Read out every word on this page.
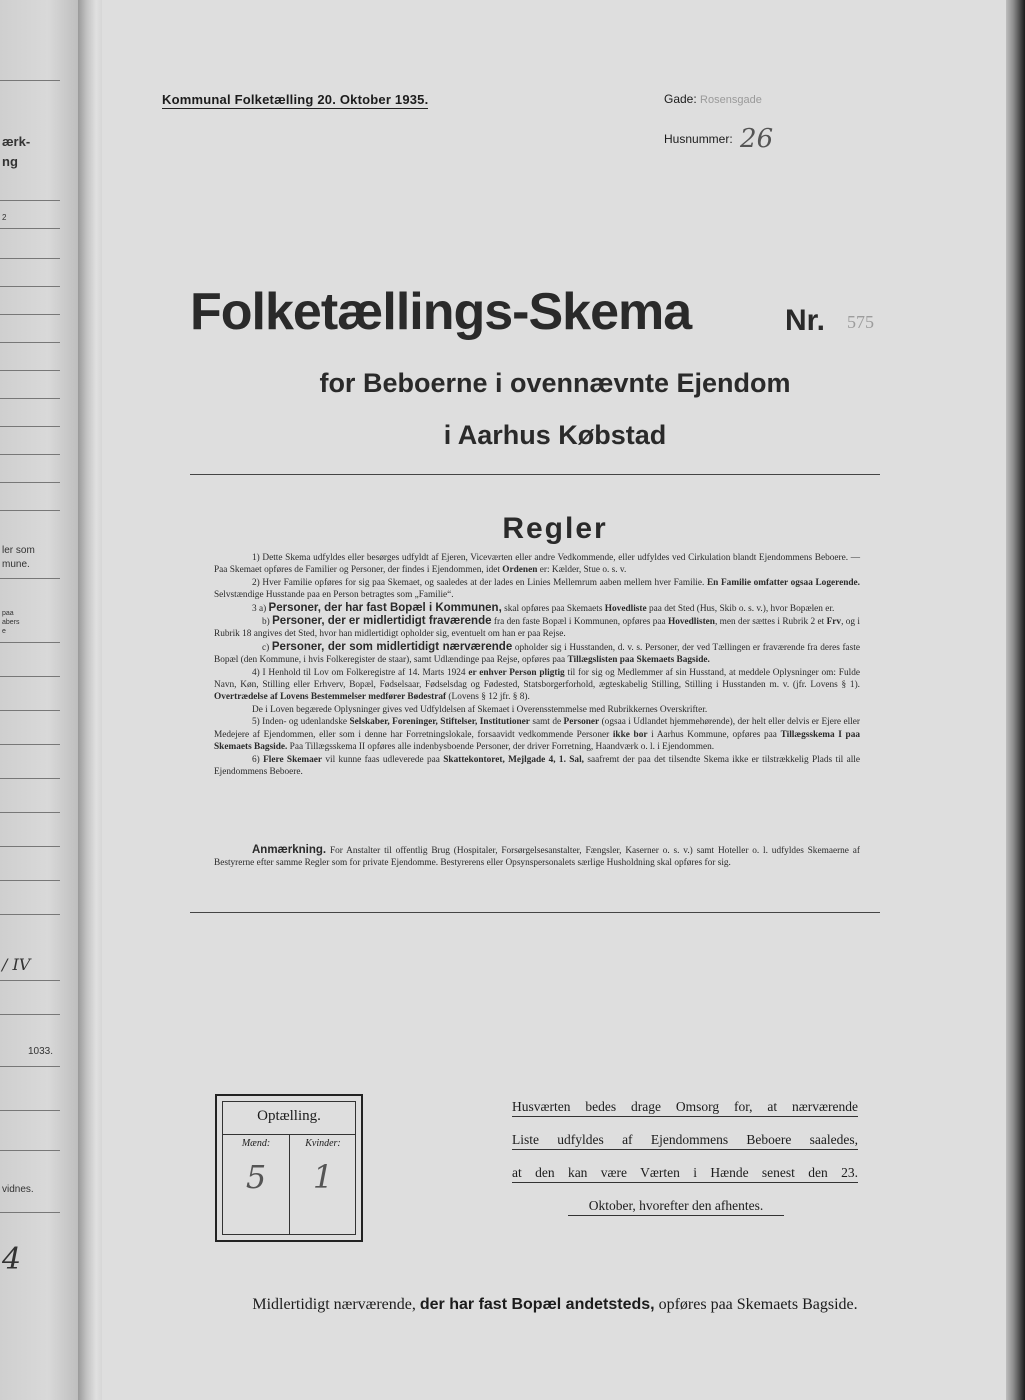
ærk-
ng
2
ler som
mune.
paa
abers
e
/ IV
1033.
vidnes.
4
Kommunal Folketælling 20. Oktober 1935.	Gade: Rosensgade
Husnummer: 26
Folketællings-Skema	Nr. 575
for Beboerne i ovennævnte Ejendom
i Aarhus Købstad
Regler

1) Dette Skema udfyldes eller besørges udfyldt af Ejeren, Viceværten eller andre Vedkommende, eller udfyldes ved Cirkulation blandt Ejendommens Beboere. — Paa Skemaet opføres de Familier og Personer, der findes i Ejendommen, idet Ordenen er: Kælder, Stue o. s. v.

2) Hver Familie opføres for sig paa Skemaet, og saaledes at der lades en Linies Mellemrum aaben mellem hver Familie. En Familie omfatter ogsaa Logerende. Selvstændige Husstande paa en Person betragtes som „Familie“.

3 a) Personer, der har fast Bopæl i Kommunen, skal opføres paa Skemaets Hovedliste paa det Sted (Hus, Skib o. s. v.), hvor Bopælen er.

b) Personer, der er midlertidigt fraværende fra den faste Bopæl i Kommunen, opføres paa Hovedlisten, men der sættes i Rubrik 2 et Frv, og i Rubrik 18 angives det Sted, hvor han midlertidigt opholder sig, eventuelt om han er paa Rejse.

c) Personer, der som midlertidigt nærværende opholder sig i Husstanden, d. v. s. Personer, der ved Tællingen er fraværende fra deres faste Bopæl (den Kommune, i hvis Folkeregister de staar), samt Udlændinge paa Rejse, opføres paa Tillægslisten paa Skemaets Bagside.

4) I Henhold til Lov om Folkeregistre af 14. Marts 1924 er enhver Person pligtig til for sig og Medlemmer af sin Husstand, at meddele Oplysninger om: Fulde Navn, Køn, Stilling eller Erhverv, Bopæl, Fødselsaar, Fødselsdag og Fødested, Statsborgerforhold, ægteskabelig Stilling, Stilling i Husstanden m. v. (jfr. Lovens § 1). Overtrædelse af Lovens Bestemmelser medfører Bødestraf (Lovens § 12 jfr. § 8).

De i Loven begærede Oplysninger gives ved Udfyldelsen af Skemaet i Overensstemmelse med Rubrikkernes Overskrifter.

5) Inden- og udenlandske Selskaber, Foreninger, Stiftelser, Institutioner samt de Personer (ogsaa i Udlandet hjemmehørende), der helt eller delvis er Ejere eller Medejere af Ejendommen, eller som i denne har Forretningslokale, forsaavidt vedkommende Personer ikke bor i Aarhus Kommune, opføres paa Tillægsskema I paa Skemaets Bagside. Paa Tillægsskema II opføres alle indenbysboende Personer, der driver Forretning, Haandværk o. l. i Ejendommen.

6) Flere Skemaer vil kunne faas udleverede paa Skattekontoret, Mejlgade 4, 1. Sal, saafremt der paa det tilsendte Skema ikke er tilstrækkelig Plads til alle Ejendommens Beboere.

Anmærkning. For Anstalter til offentlig Brug (Hospitaler, Forsørgelsesanstalter, Fængsler, Kaserner o. s. v.) samt Hoteller o. l. udfyldes Skemaerne af Bestyrerne efter samme Regler som for private Ejendomme. Bestyrerens eller Opsynspersonalets særlige Husholdning skal opføres for sig.
Optælling.
Mænd:	Kvinder:
5	1
Husværten bedes drage Omsorg for, at nærværende
Liste udfyldes af Ejendommens Beboere saaledes,
at den kan være Værten i Hænde senest den 23.
Oktober, hvorefter den afhentes.
Midlertidigt nærværende, der har fast Bopæl andetsteds, opføres paa Skemaets Bagside.
